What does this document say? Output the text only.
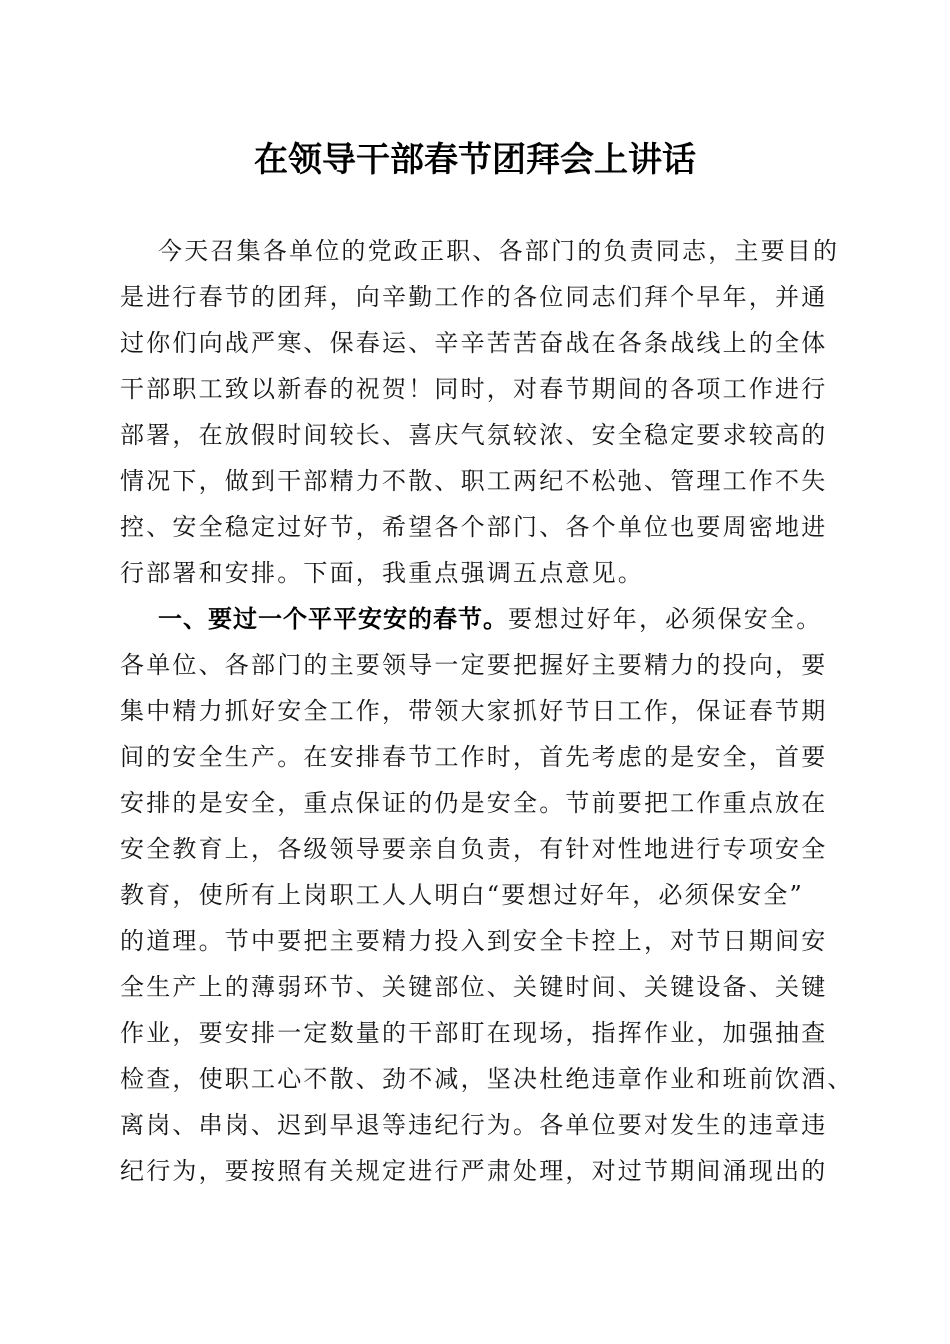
在领导干部春节团拜会上讲话
今天召集各单位的党政正职、各部门的负责同志，主要目的
是进行春节的团拜，向辛勤工作的各位同志们拜个早年，并通
过你们向战严寒、保春运、辛辛苦苦奋战在各条战线上的全体
干部职工致以新春的祝贺！同时，对春节期间的各项工作进行
部署，在放假时间较长、喜庆气氛较浓、安全稳定要求较高的
情况下，做到干部精力不散、职工两纪不松弛、管理工作不失
控、安全稳定过好节，希望各个部门、各个单位也要周密地进
行部署和安排。下面，我重点强调五点意见。
一、要过一个平平安安的春节。要想过好年，必须保安全。
各单位、各部门的主要领导一定要把握好主要精力的投向，要
集中精力抓好安全工作，带领大家抓好节日工作，保证春节期
间的安全生产。在安排春节工作时，首先考虑的是安全，首要
安排的是安全，重点保证的仍是安全。节前要把工作重点放在
安全教育上，各级领导要亲自负责，有针对性地进行专项安全
教育，使所有上岗职工人人明白“要想过好年，必须保安全”
的道理。节中要把主要精力投入到安全卡控上，对节日期间安
全生产上的薄弱环节、关键部位、关键时间、关键设备、关键
作业，要安排一定数量的干部盯在现场，指挥作业，加强抽查
检查，使职工心不散、劲不减，坚决杜绝违章作业和班前饮酒、
离岗、串岗、迟到早退等违纪行为。各单位要对发生的违章违
纪行为，要按照有关规定进行严肃处理，对过节期间涌现出的
